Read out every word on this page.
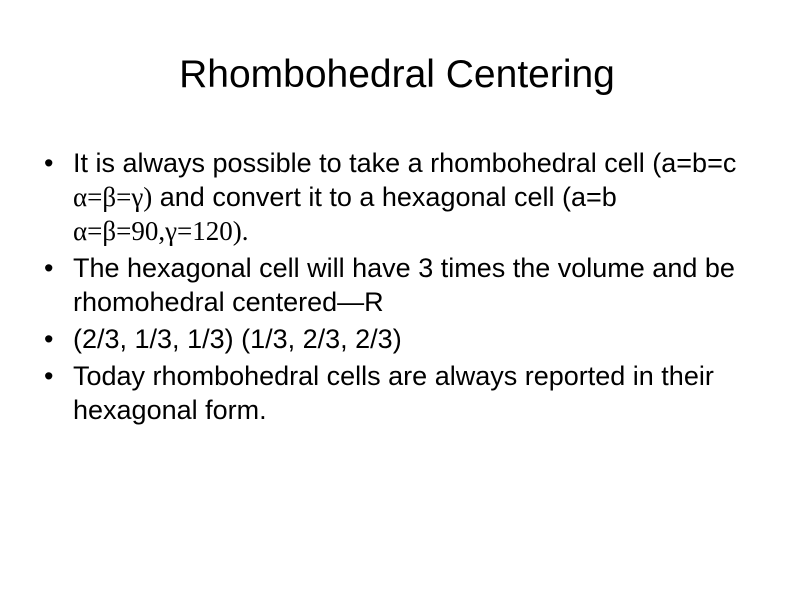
Rhombohedral Centering
• It is always possible to take a rhombohedral cell (a=b=c α=β=γ) and convert it to a hexagonal cell (a=b α=β=90,γ=120).
• The hexagonal cell will have 3 times the volume and be rhomohedral centered—R
• (2/3, 1/3, 1/3) (1/3, 2/3, 2/3)
• Today rhombohedral cells are always reported in their hexagonal form.
